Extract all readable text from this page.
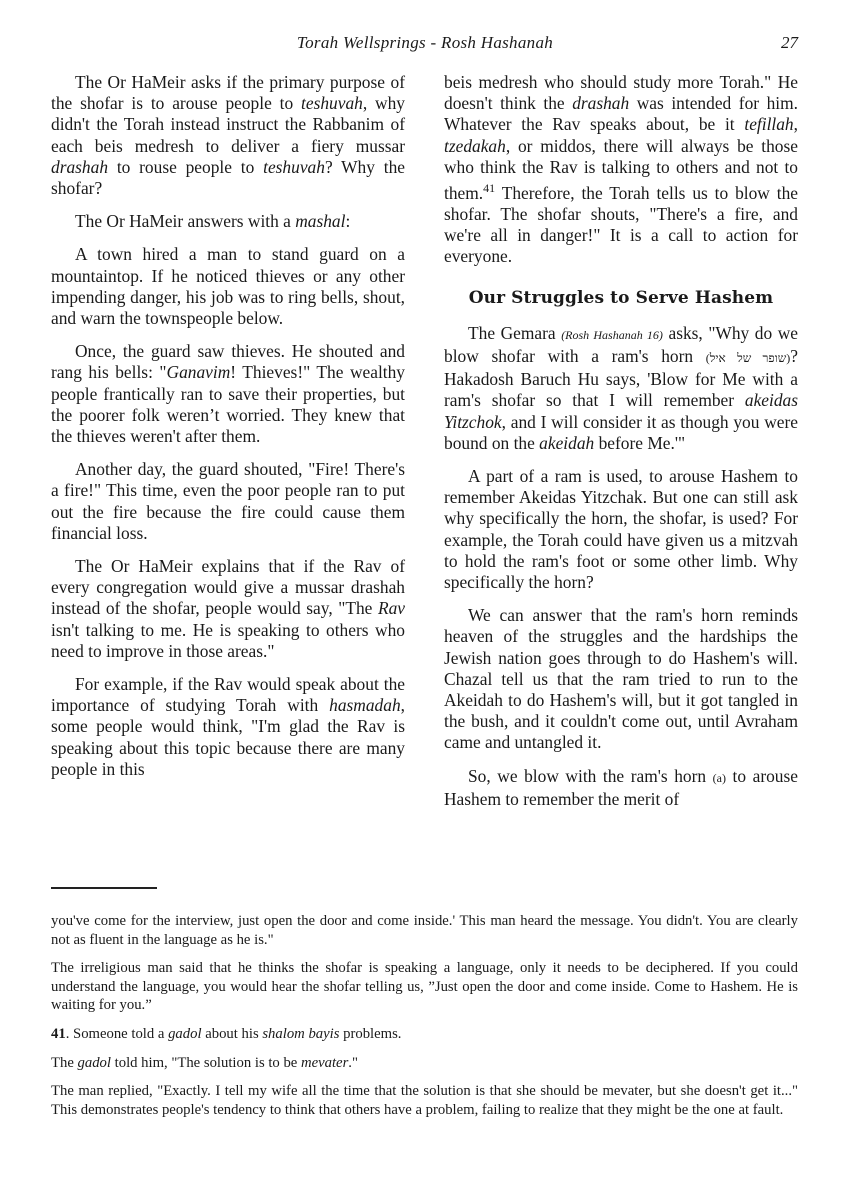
Torah Wellsprings - Rosh Hashanah	27

The Or HaMeir asks if the primary purpose of the shofar is to arouse people to teshuvah, why didn't the Torah instead instruct the Rabbanim of each beis medresh to deliver a fiery mussar drashah to rouse people to teshuvah? Why the shofar?

The Or HaMeir answers with a mashal:

A town hired a man to stand guard on a mountaintop. If he noticed thieves or any other impending danger, his job was to ring bells, shout, and warn the townspeople below.

Once, the guard saw thieves. He shouted and rang his bells: "Ganavim! Thieves!" The wealthy people frantically ran to save their properties, but the poorer folk weren’t worried. They knew that the thieves weren't after them.

Another day, the guard shouted, "Fire! There's a fire!" This time, even the poor people ran to put out the fire because the fire could cause them financial loss.

The Or HaMeir explains that if the Rav of every congregation would give a mussar drashah instead of the shofar, people would say, "The Rav isn't talking to me. He is speaking to others who need to improve in those areas."

For example, if the Rav would speak about the importance of studying Torah with hasmadah, some people would think, "I'm glad the Rav is speaking about this topic because there are many people in this

beis medresh who should study more Torah." He doesn't think the drashah was intended for him. Whatever the Rav speaks about, be it tefillah, tzedakah, or middos, there will always be those who think the Rav is talking to others and not to them.$^{41}$ Therefore, the Torah tells us to blow the shofar. The shofar shouts, "There's a fire, and we're all in danger!" It is a call to action for everyone.

Our Struggles to Serve Hashem

The Gemara (Rosh Hashanah 16) asks, "Why do we blow shofar with a ram's horn (שופר של איל)? Hakadosh Baruch Hu says, 'Blow for Me with a ram's shofar so that I will remember akeidas Yitzchok, and I will consider it as though you were bound on the akeidah before Me.'"

A part of a ram is used, to arouse Hashem to remember Akeidas Yitzchak. But one can still ask why specifically the horn, the shofar, is used? For example, the Torah could have given us a mitzvah to hold the ram's foot or some other limb. Why specifically the horn?

We can answer that the ram's horn reminds heaven of the struggles and the hardships the Jewish nation goes through to do Hashem's will. Chazal tell us that the ram tried to run to the Akeidah to do Hashem's will, but it got tangled in the bush, and it couldn't come out, until Avraham came and untangled it.

So, we blow with the ram's horn (a) to arouse Hashem to remember the merit of

you've come for the interview, just open the door and come inside.' This man heard the message. You didn't. You are clearly not as fluent in the language as he is."

The irreligious man said that he thinks the shofar is speaking a language, only it needs to be deciphered. If you could understand the language, you would hear the shofar telling us, ”Just open the door and come inside. Come to Hashem. He is waiting for you.”

41. Someone told a gadol about his shalom bayis problems.

The gadol told him, "The solution is to be mevater."

The man replied, "Exactly. I tell my wife all the time that the solution is that she should be mevater, but she doesn't get it..." This demonstrates people's tendency to think that others have a problem, failing to realize that they might be the one at fault.
